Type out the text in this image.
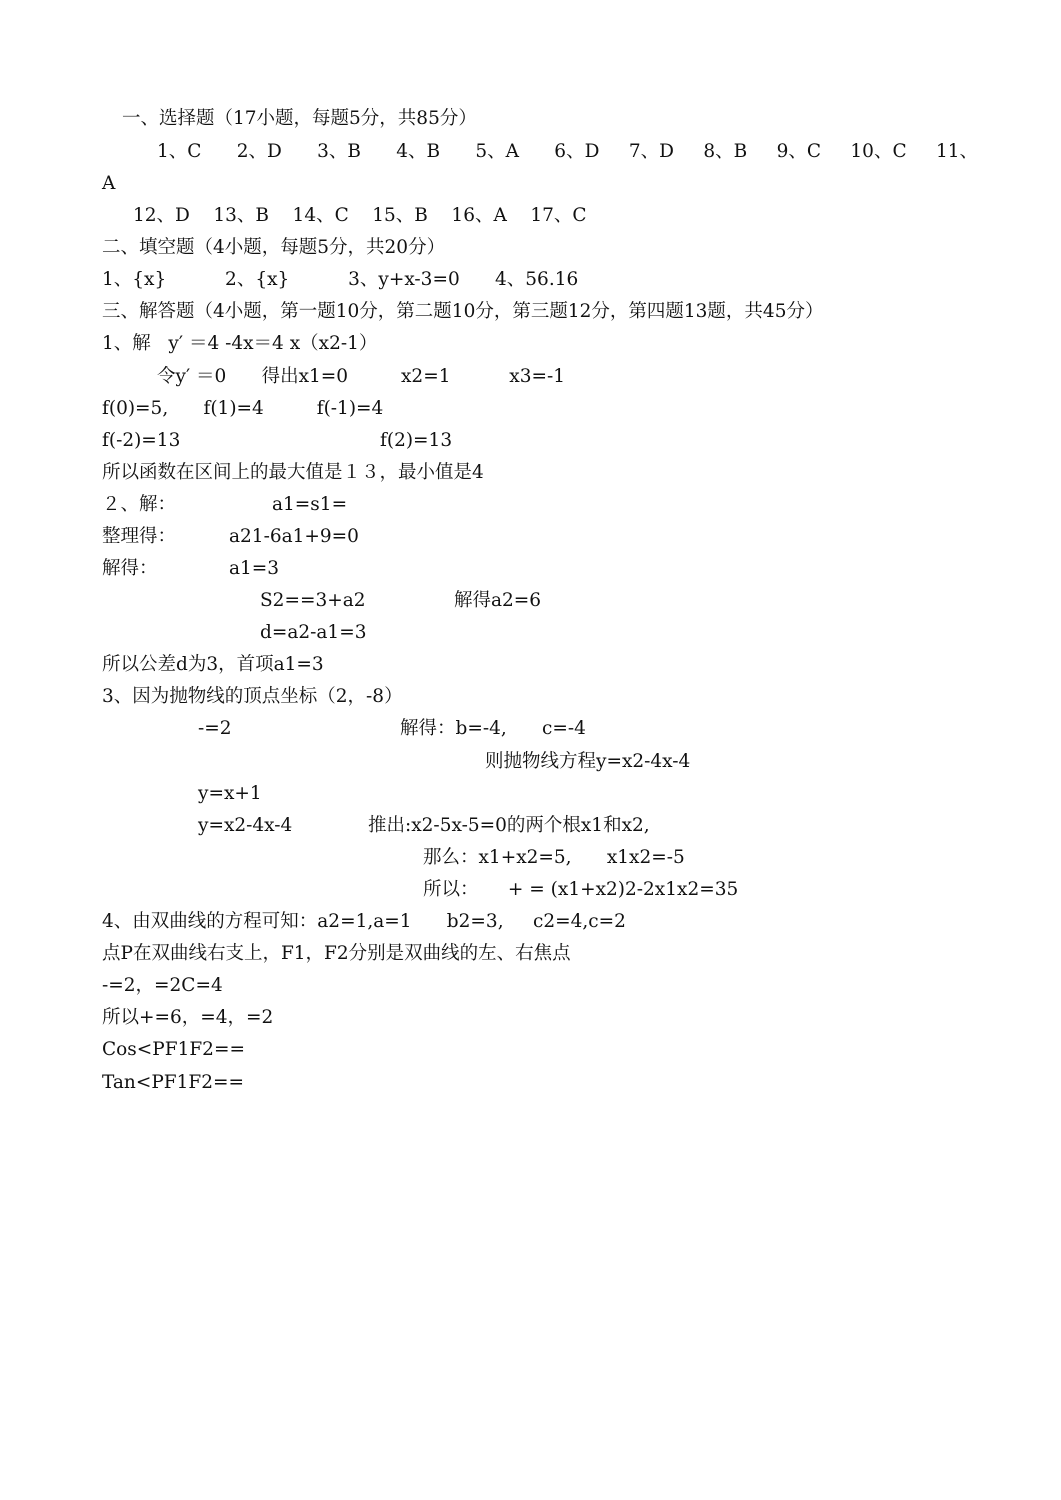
一、选择题（17小题，每题5分，共85分）
1、C      2、D      3、B      4、B      5、A      6、D     7、D     8、B     9、C     10、C     11、
A
12、D    13、B    14、C    15、B    16、A    17、C
二、填空题（4小题，每题5分，共20分）
1、{x}          2、{x}          3、y+x-3=0      4、56.16
三、解答题（4小题，第一题10分，第二题10分，第三题12分，第四题13题，共45分）
1、解   y′ ＝4 -4x＝4 x（x2-1）
令y′ ＝0      得出x1=0         x2=1          x3=-1
f(0)=5,      f(1)=4         f(-1)=4
f(-2)=13	f(2)=13
所以函数在区间上的最大值是１３，最小值是4
２、解：	a1=s1=
整理得：	a21-6a1+9=0
解得：	a1=3
S2==3+a2	解得a2=6
d=a2-a1=3
所以公差d为3，首项a1=3
3、因为抛物线的顶点坐标（2，-8）
-=2	解得：b=-4,      c=-4
则抛物线方程y=x2-4x-4
y=x+1
y=x2-4x-4	推出:x2-5x-5=0的两个根x1和x2,
那么：x1+x2=5,      x1x2=-5
所以：     + = (x1+x2)2-2x1x2=35
4、由双曲线的方程可知：a2=1,a=1      b2=3,     c2=4,c=2
点P在双曲线右支上，F1，F2分别是双曲线的左、右焦点
-=2，=2C=4
所以+=6，=4，=2
Cos<PF1F2==
Tan<PF1F2==
